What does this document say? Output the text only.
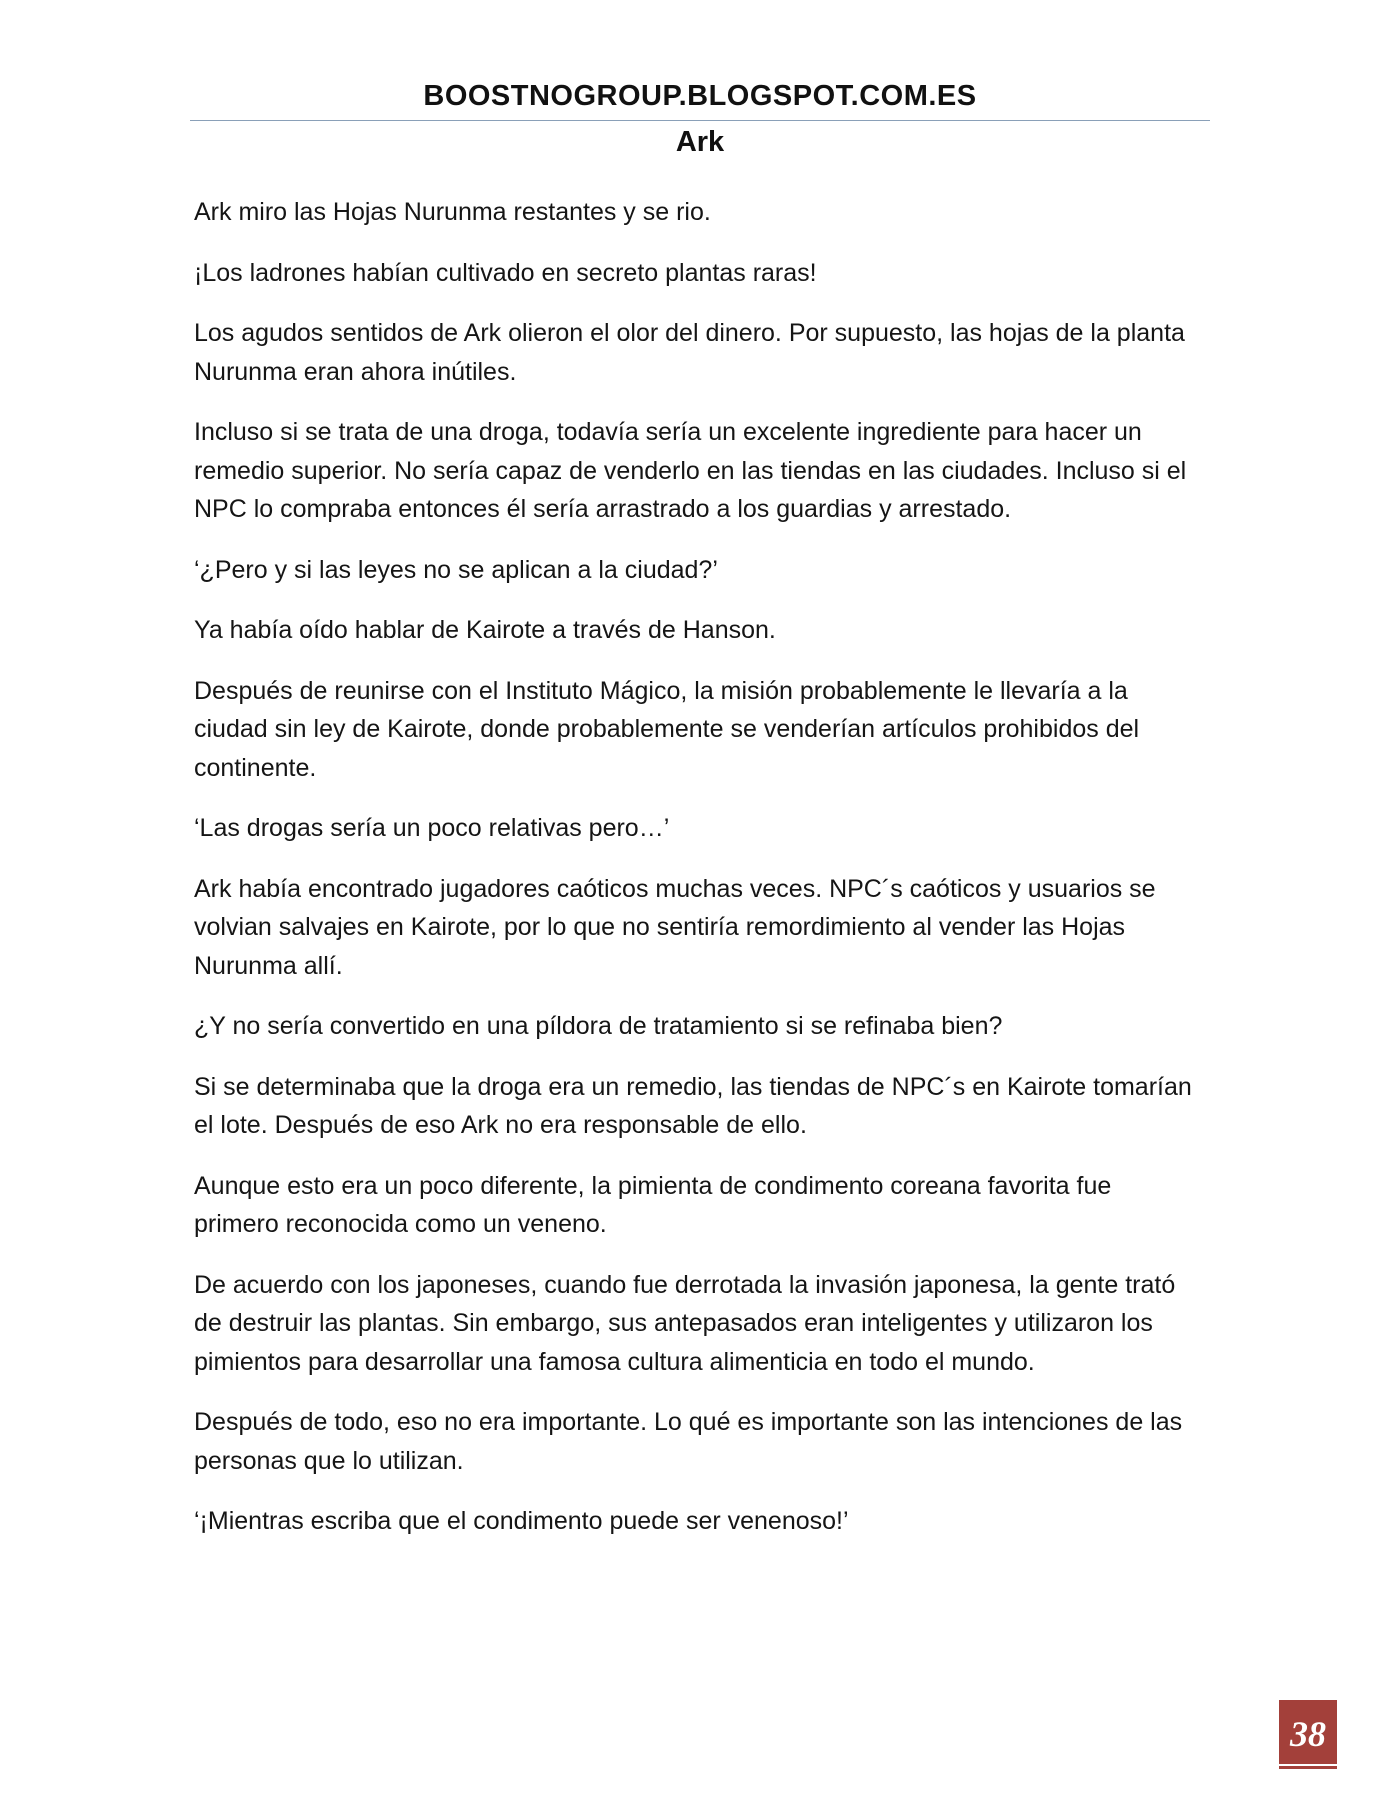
BOOSTNOGROUP.BLOGSPOT.COM.ES
Ark

Ark miro las Hojas Nurunma restantes y se rio.

¡Los ladrones habían cultivado en secreto plantas raras!

Los agudos sentidos de Ark olieron el olor del dinero. Por supuesto, las hojas de la planta Nurunma eran ahora inútiles.

Incluso si se trata de una droga, todavía sería un excelente ingrediente para hacer un remedio superior. No sería capaz de venderlo en las tiendas en las ciudades. Incluso si el NPC lo compraba entonces él sería arrastrado a los guardias y arrestado.

‘¿Pero y si las leyes no se aplican a la ciudad?’

Ya había oído hablar de Kairote a través de Hanson.

Después de reunirse con el Instituto Mágico, la misión probablemente le llevaría a la ciudad sin ley de Kairote, donde probablemente se venderían artículos prohibidos del continente.

‘Las drogas sería un poco relativas pero…’

Ark había encontrado jugadores caóticos muchas veces. NPC´s caóticos y usuarios se volvian salvajes en Kairote, por lo que no sentiría remordimiento al vender las Hojas Nurunma allí.

¿Y no sería convertido en una píldora de tratamiento si se refinaba bien?

Si se determinaba que la droga era un remedio, las tiendas de NPC´s en Kairote tomarían el lote. Después de eso Ark no era responsable de ello.

Aunque esto era un poco diferente, la pimienta de condimento coreana favorita fue primero reconocida como un veneno.

De acuerdo con los japoneses, cuando fue derrotada la invasión japonesa, la gente trató de destruir las plantas. Sin embargo, sus antepasados eran inteligentes y utilizaron los pimientos para desarrollar una famosa cultura alimenticia en todo el mundo.

Después de todo, eso no era importante. Lo qué es importante son las intenciones de las personas que lo utilizan.

‘¡Mientras escriba que el condimento puede ser venenoso!’

38
